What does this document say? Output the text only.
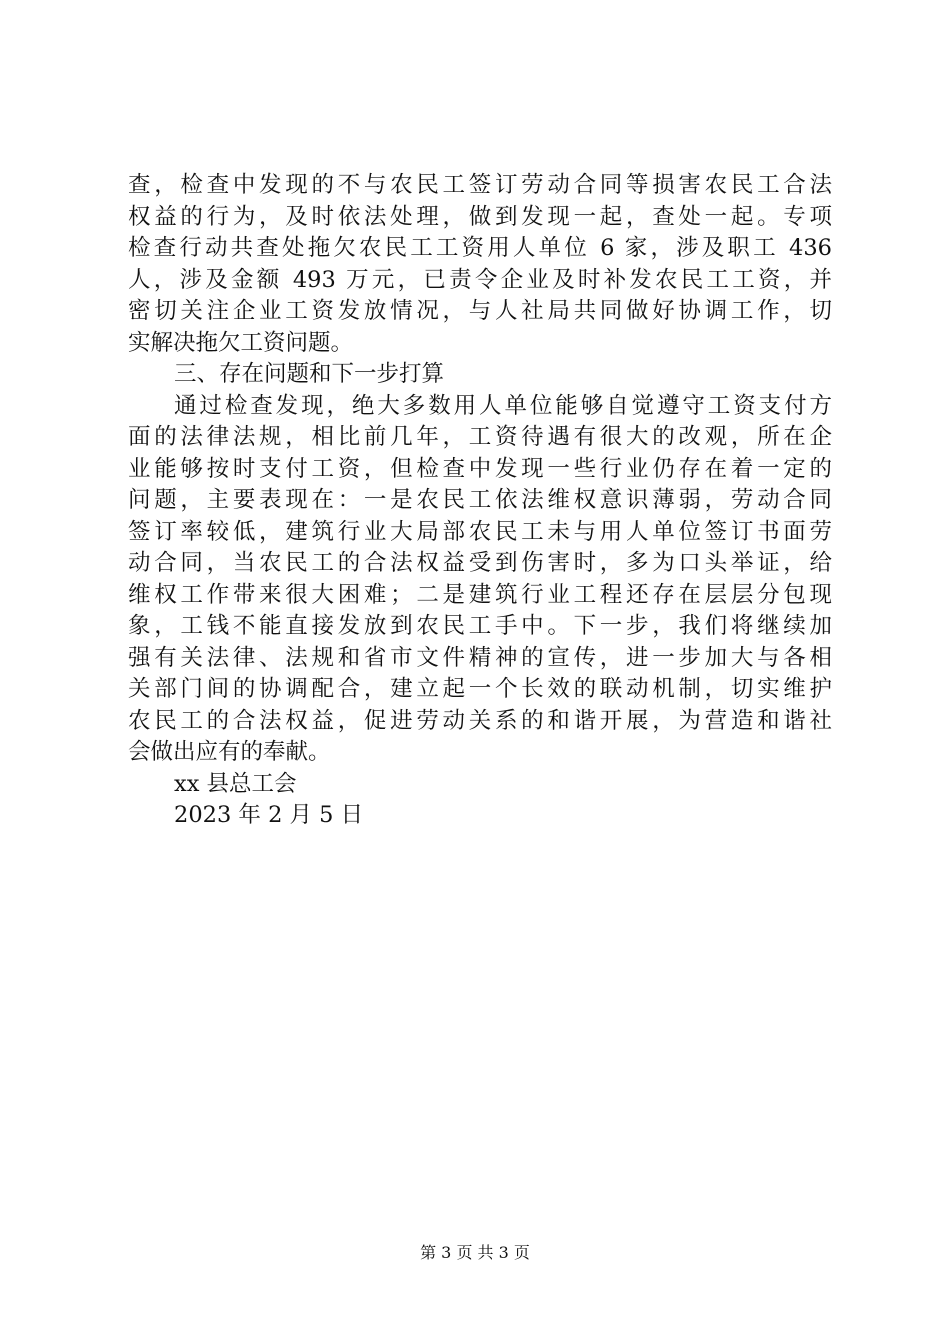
查，检查中发现的不与农民工签订劳动合同等损害农民工合法
权益的行为，及时依法处理，做到发现一起，查处一起。专项
检查行动共查处拖欠农民工工资用人单位 6 家，涉及职工 436
人，涉及金额 493 万元，已责令企业及时补发农民工工资，并
密切关注企业工资发放情况，与人社局共同做好协调工作，切
实解决拖欠工资问题。
三、存在问题和下一步打算
通过检查发现，绝大多数用人单位能够自觉遵守工资支付方
面的法律法规，相比前几年，工资待遇有很大的改观，所在企
业能够按时支付工资，但检查中发现一些行业仍存在着一定的
问题，主要表现在：一是农民工依法维权意识薄弱，劳动合同
签订率较低，建筑行业大局部农民工未与用人单位签订书面劳
动合同，当农民工的合法权益受到伤害时，多为口头举证，给
维权工作带来很大困难；二是建筑行业工程还存在层层分包现
象，工钱不能直接发放到农民工手中。下一步，我们将继续加
强有关法律、法规和省市文件精神的宣传，进一步加大与各相
关部门间的协调配合，建立起一个长效的联动机制，切实维护
农民工的合法权益，促进劳动关系的和谐开展，为营造和谐社
会做出应有的奉献。
xx 县总工会
2023 年 2 月 5 日
第 3 页 共 3 页
